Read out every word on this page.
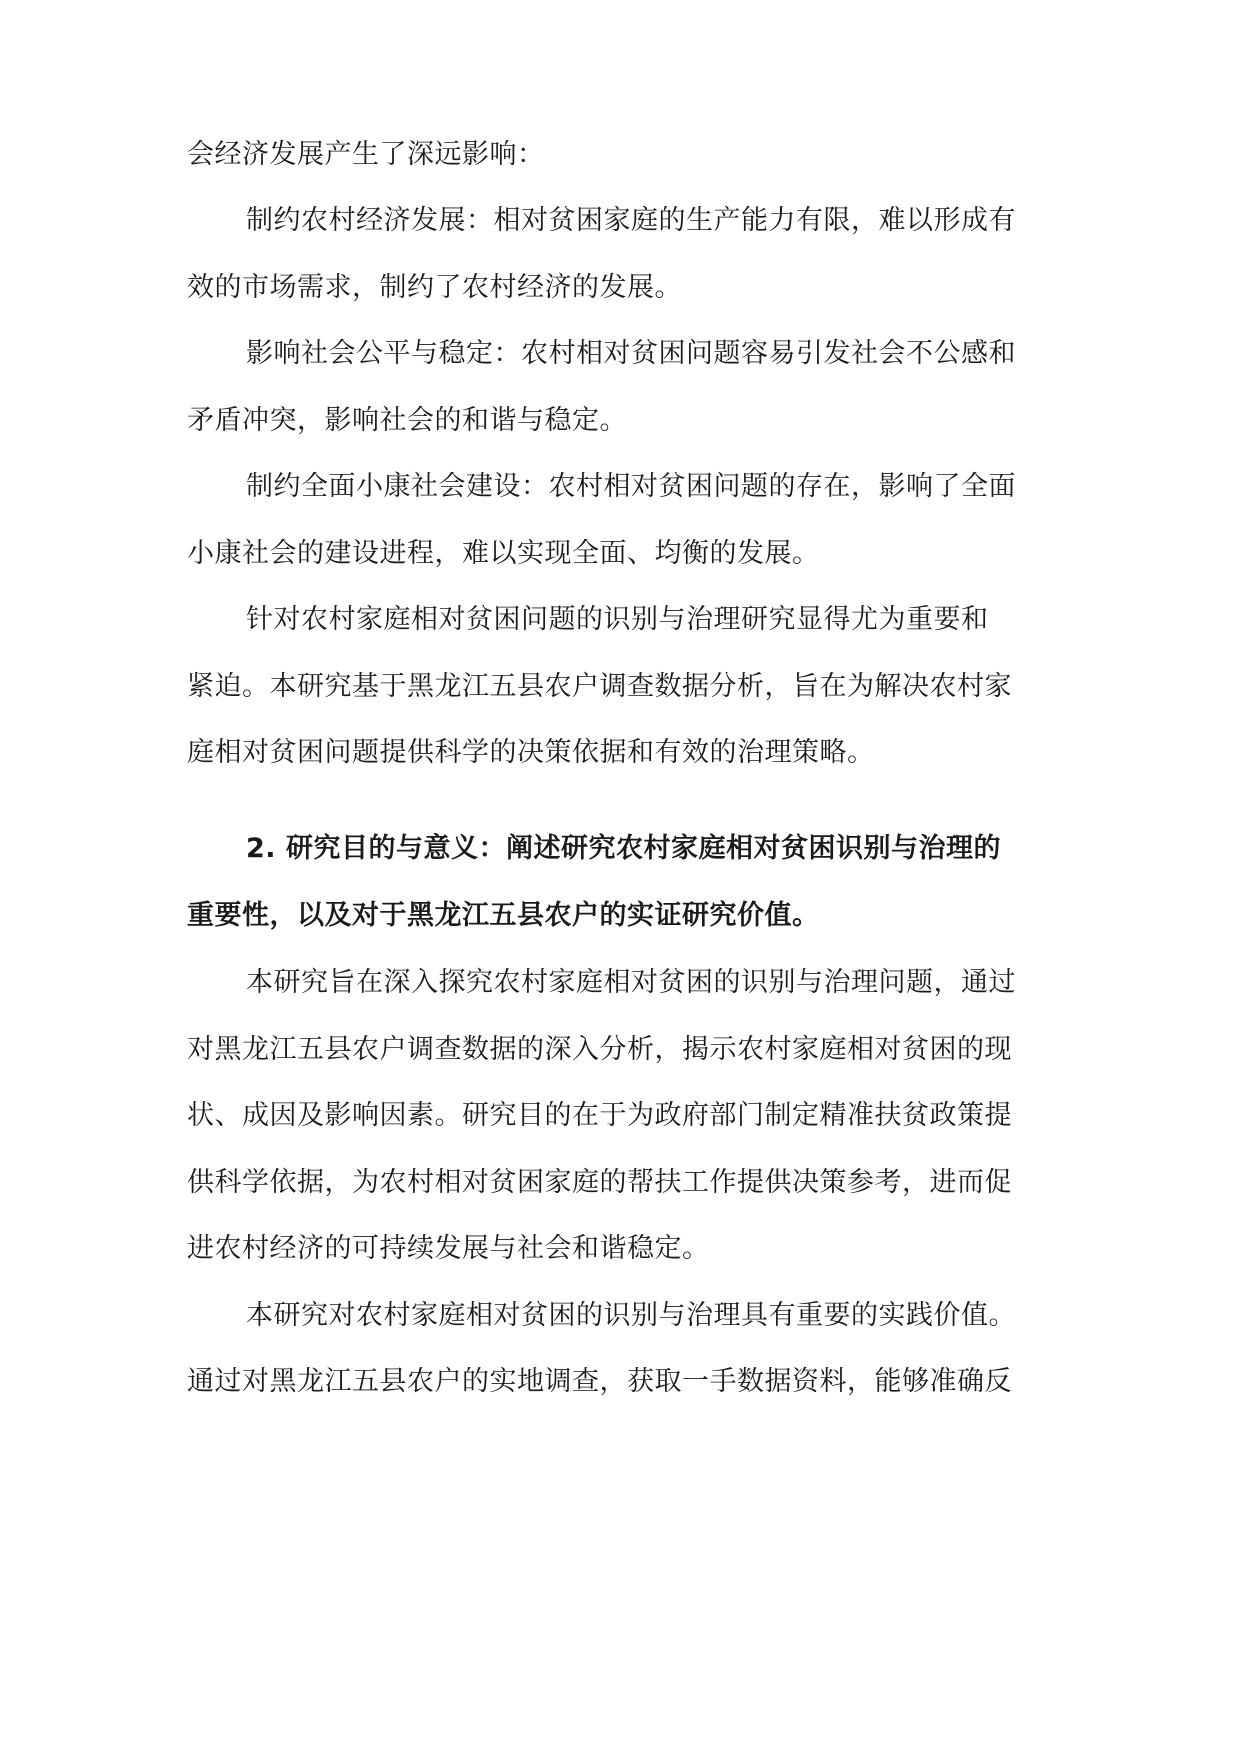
会经济发展产生了深远影响：
制约农村经济发展：相对贫困家庭的生产能力有限，难以形成有
效的市场需求，制约了农村经济的发展。
影响社会公平与稳定：农村相对贫困问题容易引发社会不公感和
矛盾冲突，影响社会的和谐与稳定。
制约全面小康社会建设：农村相对贫困问题的存在，影响了全面
小康社会的建设进程，难以实现全面、均衡的发展。
针对农村家庭相对贫困问题的识别与治理研究显得尤为重要和
紧迫。本研究基于黑龙江五县农户调查数据分析，旨在为解决农村家
庭相对贫困问题提供科学的决策依据和有效的治理策略。
2. 研究目的与意义：阐述研究农村家庭相对贫困识别与治理的
重要性，以及对于黑龙江五县农户的实证研究价值。
本研究旨在深入探究农村家庭相对贫困的识别与治理问题，通过
对黑龙江五县农户调查数据的深入分析，揭示农村家庭相对贫困的现
状、成因及影响因素。研究目的在于为政府部门制定精准扶贫政策提
供科学依据，为农村相对贫困家庭的帮扶工作提供决策参考，进而促
进农村经济的可持续发展与社会和谐稳定。
本研究对农村家庭相对贫困的识别与治理具有重要的实践价值。
通过对黑龙江五县农户的实地调查，获取一手数据资料，能够准确反
